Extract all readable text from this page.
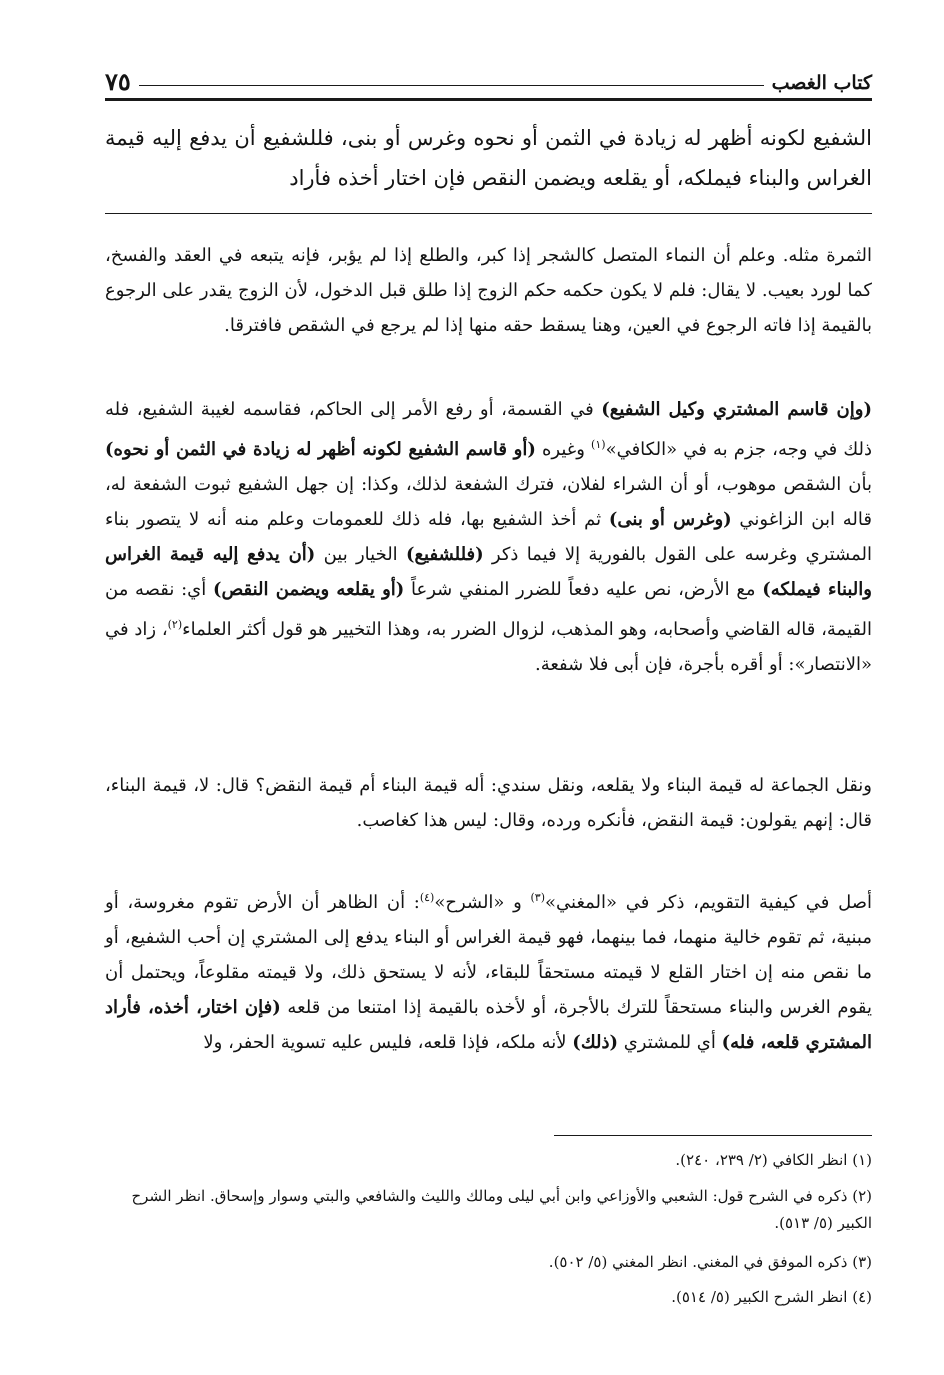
كتاب الغصب
٧٥

الشفيع لكونه أظهر له زيادة في الثمن أو نحوه وغرس أو بنى، فللشفيع أن يدفع إليه قيمة الغراس والبناء فيملكه، أو يقلعه ويضمن النقص فإن اختار أخذه فأراد

الثمرة مثله. وعلم أن النماء المتصل كالشجر إذا كبر، والطلع إذا لم يؤبر، فإنه يتبعه في العقد والفسخ، كما لورد بعيب. لا يقال: فلم لا يكون حكمه حكم الزوج إذا طلق قبل الدخول، لأن الزوج يقدر على الرجوع بالقيمة إذا فاته الرجوع في العين، وهنا يسقط حقه منها إذا لم يرجع في الشقص فافترقا.

(وإن قاسم المشتري وكيل الشفيع) في القسمة، أو رفع الأمر إلى الحاكم، فقاسمه لغيبة الشفيع، فله ذلك في وجه، جزم به في «الكافي»$^{(١)}$ وغيره (أو قاسم الشفيع لكونه أظهر له زيادة في الثمن أو نحوه) بأن الشقص موهوب، أو أن الشراء لفلان، فترك الشفعة لذلك، وكذا: إن جهل الشفيع ثبوت الشفعة له، قاله ابن الزاغوني (وغرس أو بنى) ثم أخذ الشفيع بها، فله ذلك للعمومات وعلم منه أنه لا يتصور بناء المشتري وغرسه على القول بالفورية إلا فيما ذكر (فللشفيع) الخيار بين (أن يدفع إليه قيمة الغراس والبناء فيملكه) مع الأرض، نص عليه دفعاً للضرر المنفي شرعاً (أو يقلعه ويضمن النقص) أي: نقصه من القيمة، قاله القاضي وأصحابه، وهو المذهب، لزوال الضرر به، وهذا التخيير هو قول أكثر العلماء$^{(٢)}$، زاد في «الانتصار»: أو أقره بأجرة، فإن أبى فلا شفعة.

ونقل الجماعة له قيمة البناء ولا يقلعه، ونقل سندي: أله قيمة البناء أم قيمة النقض؟ قال: لا، قيمة البناء، قال: إنهم يقولون: قيمة النقض، فأنكره ورده، وقال: ليس هذا كغاصب.

أصل في كيفية التقويم، ذكر في «المغني»$^{(٣)}$ و «الشرح»$^{(٤)}$: أن الظاهر أن الأرض تقوم مغروسة، أو مبنية، ثم تقوم خالية منهما، فما بينهما، فهو قيمة الغراس أو البناء يدفع إلى المشتري إن أحب الشفيع، أو ما نقص منه إن اختار القلع لا قيمته مستحقاً للبقاء، لأنه لا يستحق ذلك، ولا قيمته مقلوعاً، ويحتمل أن يقوم الغرس والبناء مستحقاً للترك بالأجرة، أو لأخذه بالقيمة إذا امتنعا من قلعه (فإن اختار، أخذه، فأراد المشتري قلعه، فله) أي للمشتري (ذلك) لأنه ملكه، فإذا قلعه، فليس عليه تسوية الحفر، ولا

(١) انظر الكافي (٢/ ٢٣٩، ٢٤٠).

(٢) ذكره في الشرح قول: الشعبي والأوزاعي وابن أبي ليلى ومالك والليث والشافعي والبتي وسوار وإسحاق. انظر الشرح الكبير (٥/ ٥١٣).

(٣) ذكره الموفق في المغني. انظر المغني (٥/ ٥٠٢).

(٤) انظر الشرح الكبير (٥/ ٥١٤).
